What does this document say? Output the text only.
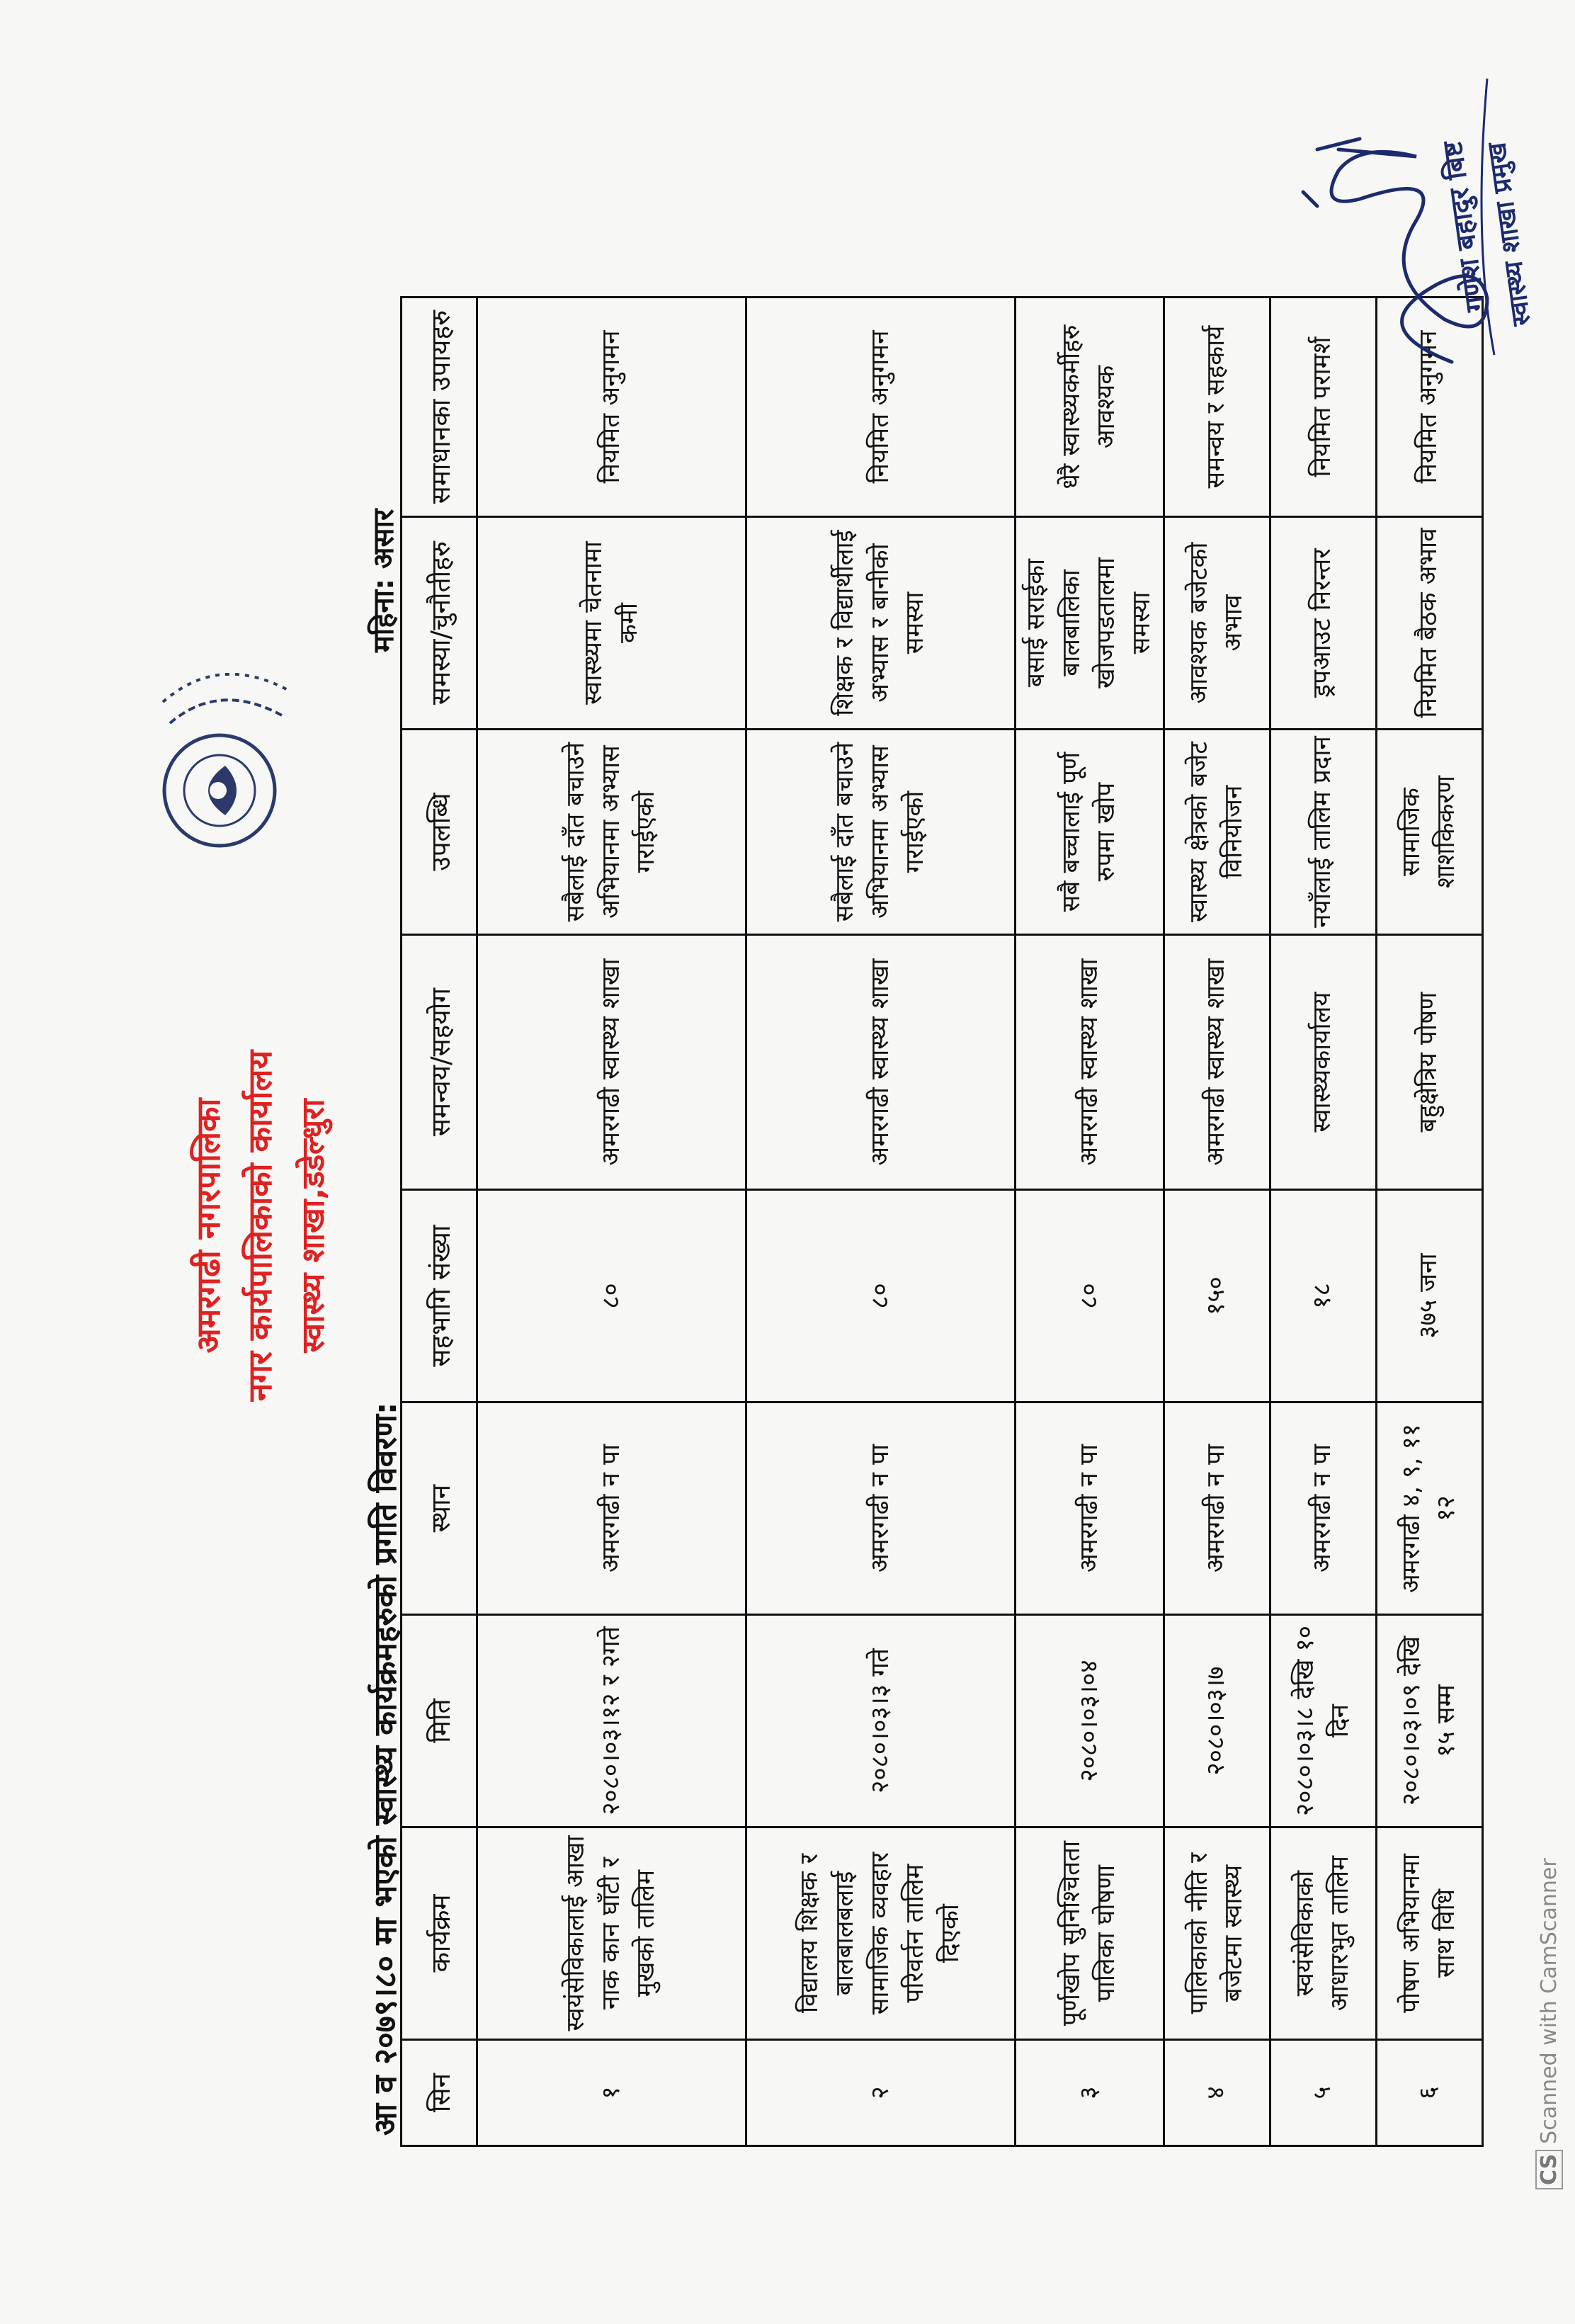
अमरगढी नगरपालिका नगर कार्यपालिकाको कार्यालय स्वास्थ्य शाखा,डडेल्धुरा
आ व २०७९।८० मा भएको स्वास्थ्य कार्यक्रमहरुको प्रगति विवरण:
महिना: असार
सिन	कार्यक्रम	मिति	स्थान	सहभागि संख्या	समन्वय/सहयोग	उपलब्धि	समस्या/चुनौतीहरु	समाधानका उपायहरु
१	स्वयंसेविकालाई आखा नाक कान घाँटी र मुखको तालिम	२०८०।०३।१२ र २गते	अमरगढी न पा	८०	अमरगढी स्वास्थ्य शाखा	सबैलाई दाँत बचाउने अभियानमा अभ्यास गराईएको	स्वास्थ्यमा चेतनामा कमी	नियमित अनुगमन
२	विद्यालय शिक्षक र बालबालबलाई सामाजिक व्यवहार परिवर्तन तालिम दिएको	२०८०।०३।३ गते	अमरगढी न पा	८०	अमरगढी स्वास्थ्य शाखा	सबैलाई दाँत बचाउने अभियानमा अभ्यास गराईएको	शिक्षक र विद्यार्थीलाई अभ्यास र बानीको समस्या	नियमित अनुगमन
३	पूर्णखोप सुनिश्चितता पालिका घोषणा	२०८०।०३।०४	अमरगढी न पा	८०	अमरगढी स्वास्थ्य शाखा	सबै बच्चालाई पूर्ण रुपमा खोप	बसाई सराईका बालबालिका खोजपडतालमा समस्या	धेरै स्वास्थ्यकर्मीहरु आवश्यक
४	पालिकाको नीति र बजेटमा स्वास्थ्य	२०८०।०३।७	अमरगढी न पा	१५०	अमरगढी स्वास्थ्य शाखा	स्वास्थ्य क्षेत्रको बजेट विनियोजन	आवश्यक बजेटको अभाव	समन्वय र सहकार्य
५	स्वयंसेविकाको आधारभुत तालिम	२०८०।०३।८ देखि १० दिन	अमरगढी न पा	१८	स्वास्थ्यकार्यालय	नयाँलाई तालिम प्रदान	ड्रपआउट निरन्तर	नियमित परामर्श
६	पोषण अभियानमा साथ विधि	२०८०।०३।०९ देखि १५ सम्म	अमरगढी ४, ९, ११ १२	३७५ जना	बहुक्षेत्रिय पोषण	सामाजिक शाशकिकरण	नियमित बैठक अभाव	नियमित अनुगमन
गणेश बहादुर बिष्ट
स्वास्थ्य शाखा प्रमुख
CSScanned with CamScanner
